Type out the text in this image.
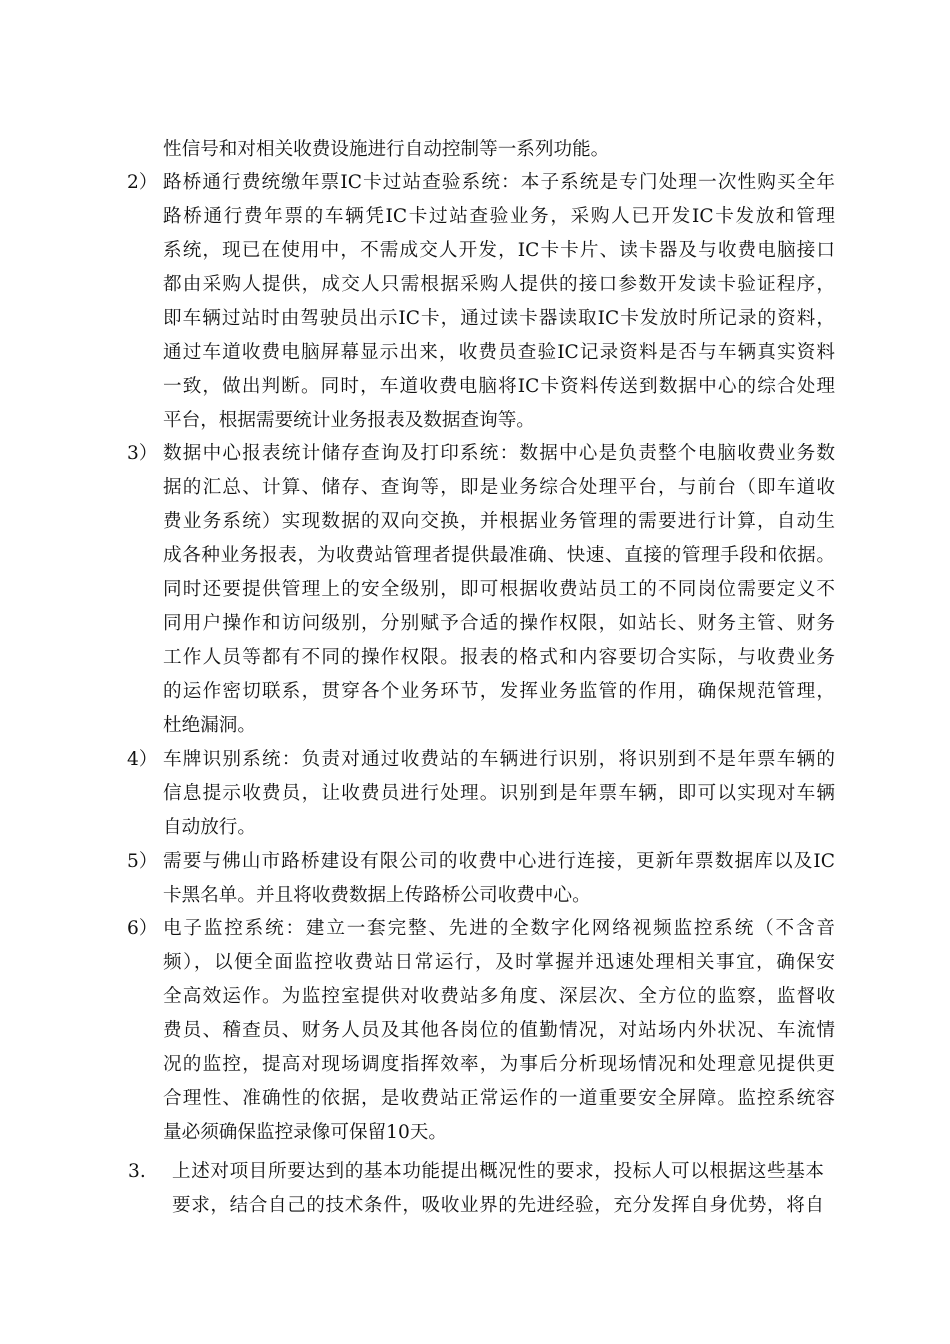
性信号和对相关收费设施进行自动控制等一系列功能。
2） 路桥通行费统缴年票IC卡过站查验系统：本子系统是专门处理一次性购买全年
路桥通行费年票的车辆凭IC卡过站查验业务，采购人已开发IC卡发放和管理
系统，现已在使用中，不需成交人开发，IC卡卡片、读卡器及与收费电脑接口
都由采购人提供，成交人只需根据采购人提供的接口参数开发读卡验证程序，
即车辆过站时由驾驶员出示IC卡，通过读卡器读取IC卡发放时所记录的资料，
通过车道收费电脑屏幕显示出来，收费员查验IC记录资料是否与车辆真实资料
一致，做出判断。同时，车道收费电脑将IC卡资料传送到数据中心的综合处理
平台，根据需要统计业务报表及数据查询等。
3） 数据中心报表统计储存查询及打印系统：数据中心是负责整个电脑收费业务数
据的汇总、计算、储存、查询等，即是业务综合处理平台，与前台（即车道收
费业务系统）实现数据的双向交换，并根据业务管理的需要进行计算，自动生
成各种业务报表，为收费站管理者提供最准确、快速、直接的管理手段和依据。
同时还要提供管理上的安全级别，即可根据收费站员工的不同岗位需要定义不
同用户操作和访问级别，分别赋予合适的操作权限，如站长、财务主管、财务
工作人员等都有不同的操作权限。报表的格式和内容要切合实际，与收费业务
的运作密切联系，贯穿各个业务环节，发挥业务监管的作用，确保规范管理，
杜绝漏洞。
4） 车牌识别系统：负责对通过收费站的车辆进行识别，将识别到不是年票车辆的
信息提示收费员，让收费员进行处理。识别到是年票车辆，即可以实现对车辆
自动放行。
5） 需要与佛山市路桥建设有限公司的收费中心进行连接，更新年票数据库以及IC
卡黑名单。并且将收费数据上传路桥公司收费中心。
6） 电子监控系统：建立一套完整、先进的全数字化网络视频监控系统（不含音
频），以便全面监控收费站日常运行，及时掌握并迅速处理相关事宜，确保安
全高效运作。为监控室提供对收费站多角度、深层次、全方位的监察，监督收
费员、稽查员、财务人员及其他各岗位的值勤情况，对站场内外状况、车流情
况的监控，提高对现场调度指挥效率，为事后分析现场情况和处理意见提供更
合理性、准确性的依据，是收费站正常运作的一道重要安全屏障。监控系统容
量必须确保监控录像可保留10天。
3. 上述对项目所要达到的基本功能提出概况性的要求，投标人可以根据这些基本
要求，结合自己的技术条件，吸收业界的先进经验，充分发挥自身优势，将自
